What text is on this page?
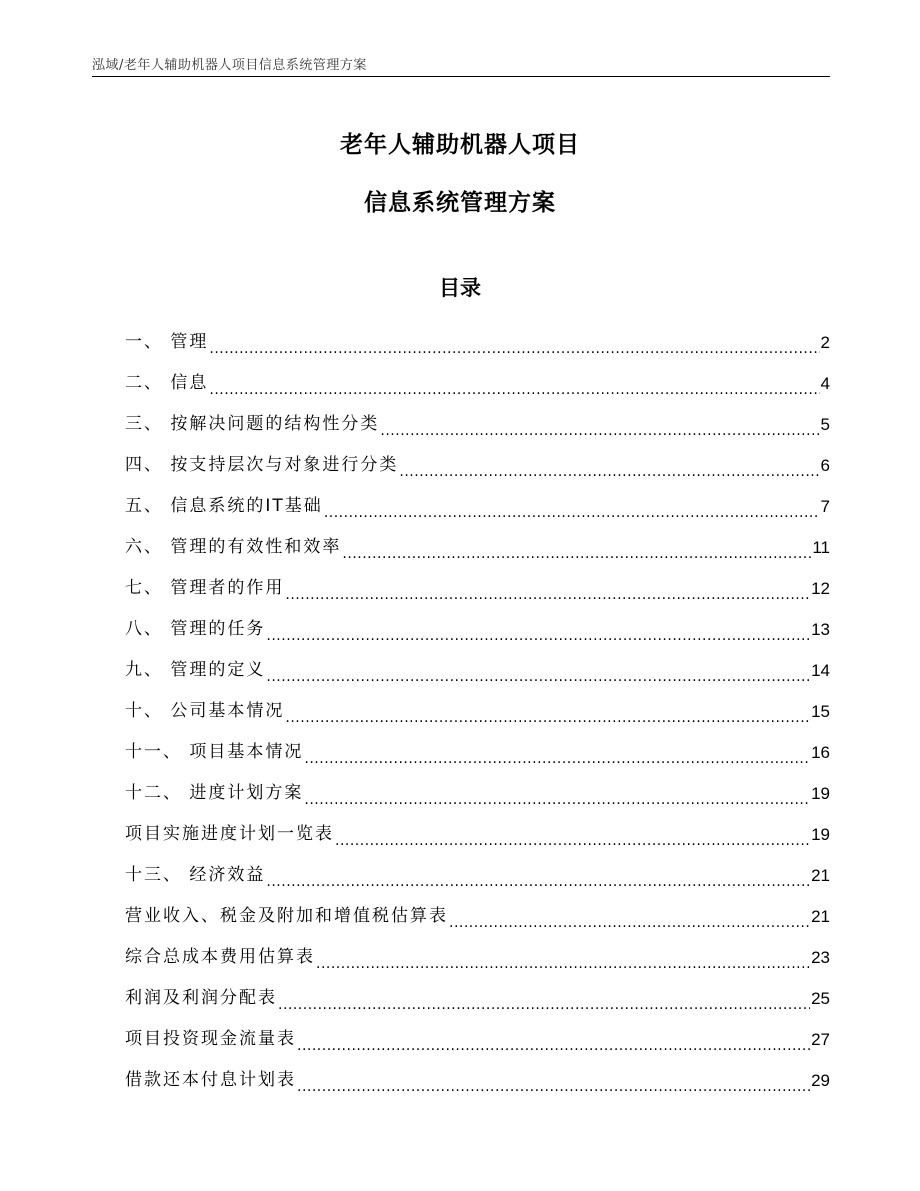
泓域/老年人辅助机器人项目信息系统管理方案
老年人辅助机器人项目
信息系统管理方案
目录
一、 管理 .....	2
二、 信息 .....	4
三、 按解决问题的结构性分类 .....	5
四、 按支持层次与对象进行分类 .....	6
五、 信息系统的IT基础 .....	7
六、 管理的有效性和效率 .....	11
七、 管理者的作用 .....	12
八、 管理的任务 .....	13
九、 管理的定义 .....	14
十、 公司基本情况 .....	15
十一、 项目基本情况 .....	16
十二、 进度计划方案 .....	19
项目实施进度计划一览表 .....	19
十三、 经济效益 .....	21
营业收入、税金及附加和增值税估算表 .....	21
综合总成本费用估算表 .....	23
利润及利润分配表 .....	25
项目投资现金流量表 .....	27
借款还本付息计划表 .....	29
